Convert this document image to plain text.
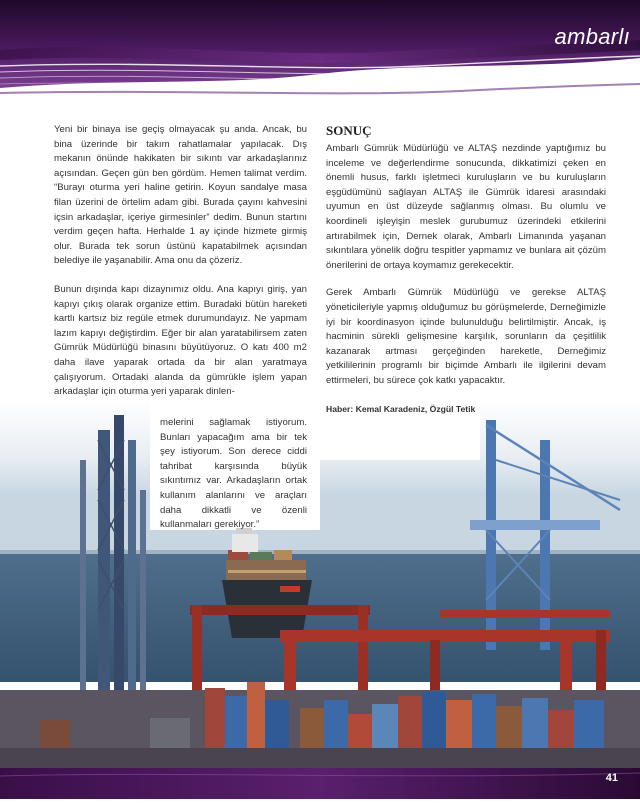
ambarlı

Yeni bir binaya ise geçiş olmayacak şu anda. Ancak, bu bina üzerinde bir takım rahatlamalar yapılacak. Dış mekanın önünde hakikaten bir sıkıntı var arkadaşlarınız açısından. Geçen gün ben gördüm. Hemen talimat verdim. “Burayı oturma yeri haline getirin. Koyun sandalye masa filan üzerini de örtelim adam gibi. Burada çayını kahvesini içsin arkadaşlar, içeriye girmesinler” dedim. Bunun startını verdim geçen hafta. Herhalde 1 ay içinde hizmete girmiş olur. Burada tek sorun üstünü kapatabilmek açısından belediye ile yaşanabilir. Ama onu da çözeriz.

Bunun dışında kapı dizaynımız oldu. Ana kapıyı giriş, yan kapıyı çıkış olarak organize ettim. Buradaki bütün hareketi kartlı kartsız biz regüle etmek durumundayız. Ne yapmam lazım kapıyı değiştirdim. Eğer bir alan yaratabilirsem zaten Gümrük Müdürlüğü binasını büyütüyoruz. O katı 400 m2 daha ilave yaparak ortada da bir alan yaratmaya çalışıyorum. Ortadaki alanda da gümrükle işlem yapan arkadaşlar için oturma yeri yaparak dinlen-

melerini sağlamak istiyorum. Bunları yapacağım ama bir tek şey istiyorum. Son derece ciddi tahribat karşısında büyük sıkıntımız var. Arkadaşların ortak kullanım alanlarını ve araçları daha dikkatli ve özenli kullanmaları gerekiyor.”
SONUÇ

Ambarlı Gümrük Müdürlüğü ve ALTAŞ nezdinde yaptığımız bu inceleme ve değerlendirme sonucunda, dikkatimizi çeken en önemli husus, farklı işletmeci kuruluşların ve bu kuruluşların eşgüdümünü sağlayan ALTAŞ ile Gümrük idaresi arasındaki uyumun en üst düzeyde sağlanmış olması. Bu olumlu ve koordineli işleyişin meslek gurubumuz üzerindeki etkilerini artırabilmek için, Dernek olarak, Ambarlı Limanında yaşanan sıkıntılara yönelik doğru tespitler yapmamız ve bunlara ait çözüm önerilerini de ortaya koymamız gerekecektir.

Gerek Ambarlı Gümrük Müdürlüğü ve gerekse ALTAŞ yöneticileriyle yapmış olduğumuz bu görüşmelerde, Derneğimizle iyi bir koordinasyon içinde bulunulduğu belirtilmiştir. Ancak, iş hacminin sürekli gelişmesine karşılık, sorunların da çeşitlilik kazanarak artması gerçeğinden hareketle, Derneğimiz yetkililerinin programlı bir biçimde Ambarlı ile ilgilerini devam ettirmeleri, bu sürece çok katkı yapacaktır.

Haber: Kemal Karadeniz, Özgül Tetik
41
